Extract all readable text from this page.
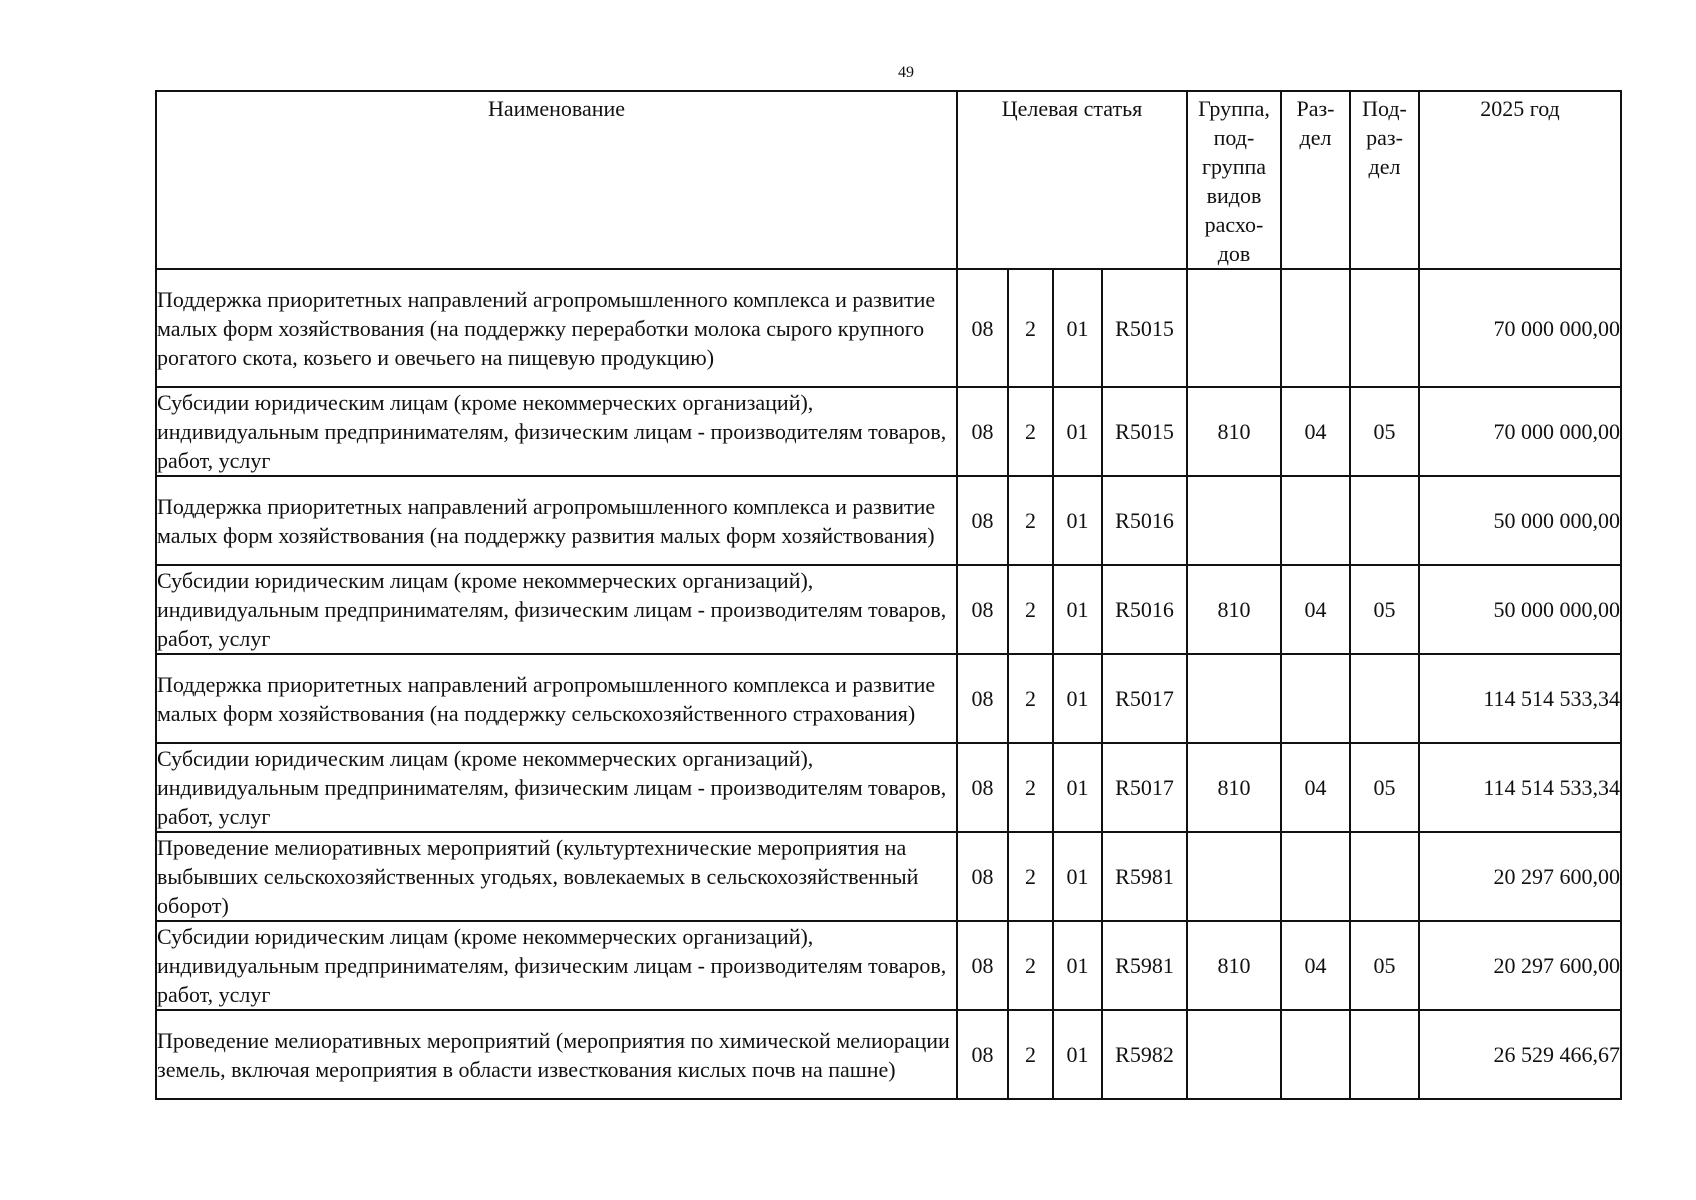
49
Наименование	Целевая статья				Группа, под- группа видов расхо- дов	Раз- дел	Под- раз- дел	2025 год
Поддержка приоритетных направлений агропромышленного комплекса и развитие малых форм хозяйствования (на поддержку переработки молока сырого крупного рогатого скота, козьего и овечьего на пищевую продукцию)	08	2	01	R5015				70 000 000,00
Субсидии юридическим лицам (кроме некоммерческих организаций), индивидуальным предпринимателям, физическим лицам - производителям товаров, работ, услуг	08	2	01	R5015	810	04	05	70 000 000,00
Поддержка приоритетных направлений агропромышленного комплекса и развитие малых форм хозяйствования (на поддержку развития малых форм хозяйствования)	08	2	01	R5016				50 000 000,00
Субсидии юридическим лицам (кроме некоммерческих организаций), индивидуальным предпринимателям, физическим лицам - производителям товаров, работ, услуг	08	2	01	R5016	810	04	05	50 000 000,00
Поддержка приоритетных направлений агропромышленного комплекса и развитие малых форм хозяйствования (на поддержку сельскохозяйственного страхования)	08	2	01	R5017				114 514 533,34
Субсидии юридическим лицам (кроме некоммерческих организаций), индивидуальным предпринимателям, физическим лицам - производителям товаров, работ, услуг	08	2	01	R5017	810	04	05	114 514 533,34
Проведение мелиоративных мероприятий (культуртехнические мероприятия на выбывших сельскохозяйственных угодьях, вовлекаемых в сельскохозяйственный оборот)	08	2	01	R5981				20 297 600,00
Субсидии юридическим лицам (кроме некоммерческих организаций), индивидуальным предпринимателям, физическим лицам - производителям товаров, работ, услуг	08	2	01	R5981	810	04	05	20 297 600,00
Проведение мелиоративных мероприятий (мероприятия по химической мелиорации земель, включая мероприятия в области известкования кислых почв на пашне)	08	2	01	R5982				26 529 466,67
